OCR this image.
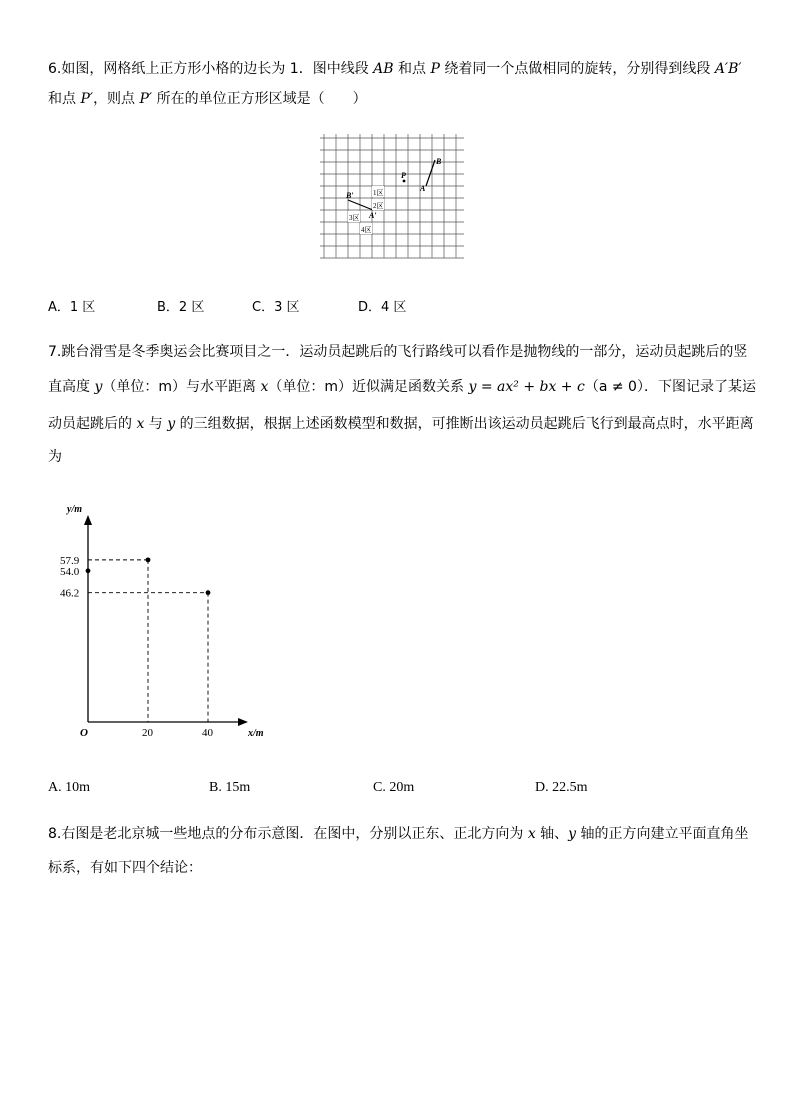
6.如图，网格纸上正方形小格的边长为 1．图中线段 AB 和点 P 绕着同一个点做相同的旋转，分别得到线段 A′B′
和点 P′，则点 P′ 所在的单位正方形区域是（　　）
B
A
P
B′
A′
1区
2区
3区
4区
A．1 区	B．2 区	C．3 区	D．4 区
7.跳台滑雪是冬季奥运会比赛项目之一．运动员起跳后的飞行路线可以看作是抛物线的一部分，运动员起跳后的竖
直高度 y（单位：m）与水平距离 x（单位：m）近似满足函数关系 y = ax² + bx + c（a ≠ 0）．下图记录了某运
动员起跳后的 x 与 y 的三组数据，根据上述函数模型和数据，可推断出该运动员起跳后飞行到最高点时，水平距离
为
20	40
46.2
54.0
57.9
y/m
x/m
O
A. 10m	B. 15m	C. 20m	D. 22.5m
8.右图是老北京城一些地点的分布示意图．在图中，分别以正东、正北方向为 x 轴、y 轴的正方向建立平面直角坐
标系，有如下四个结论：
